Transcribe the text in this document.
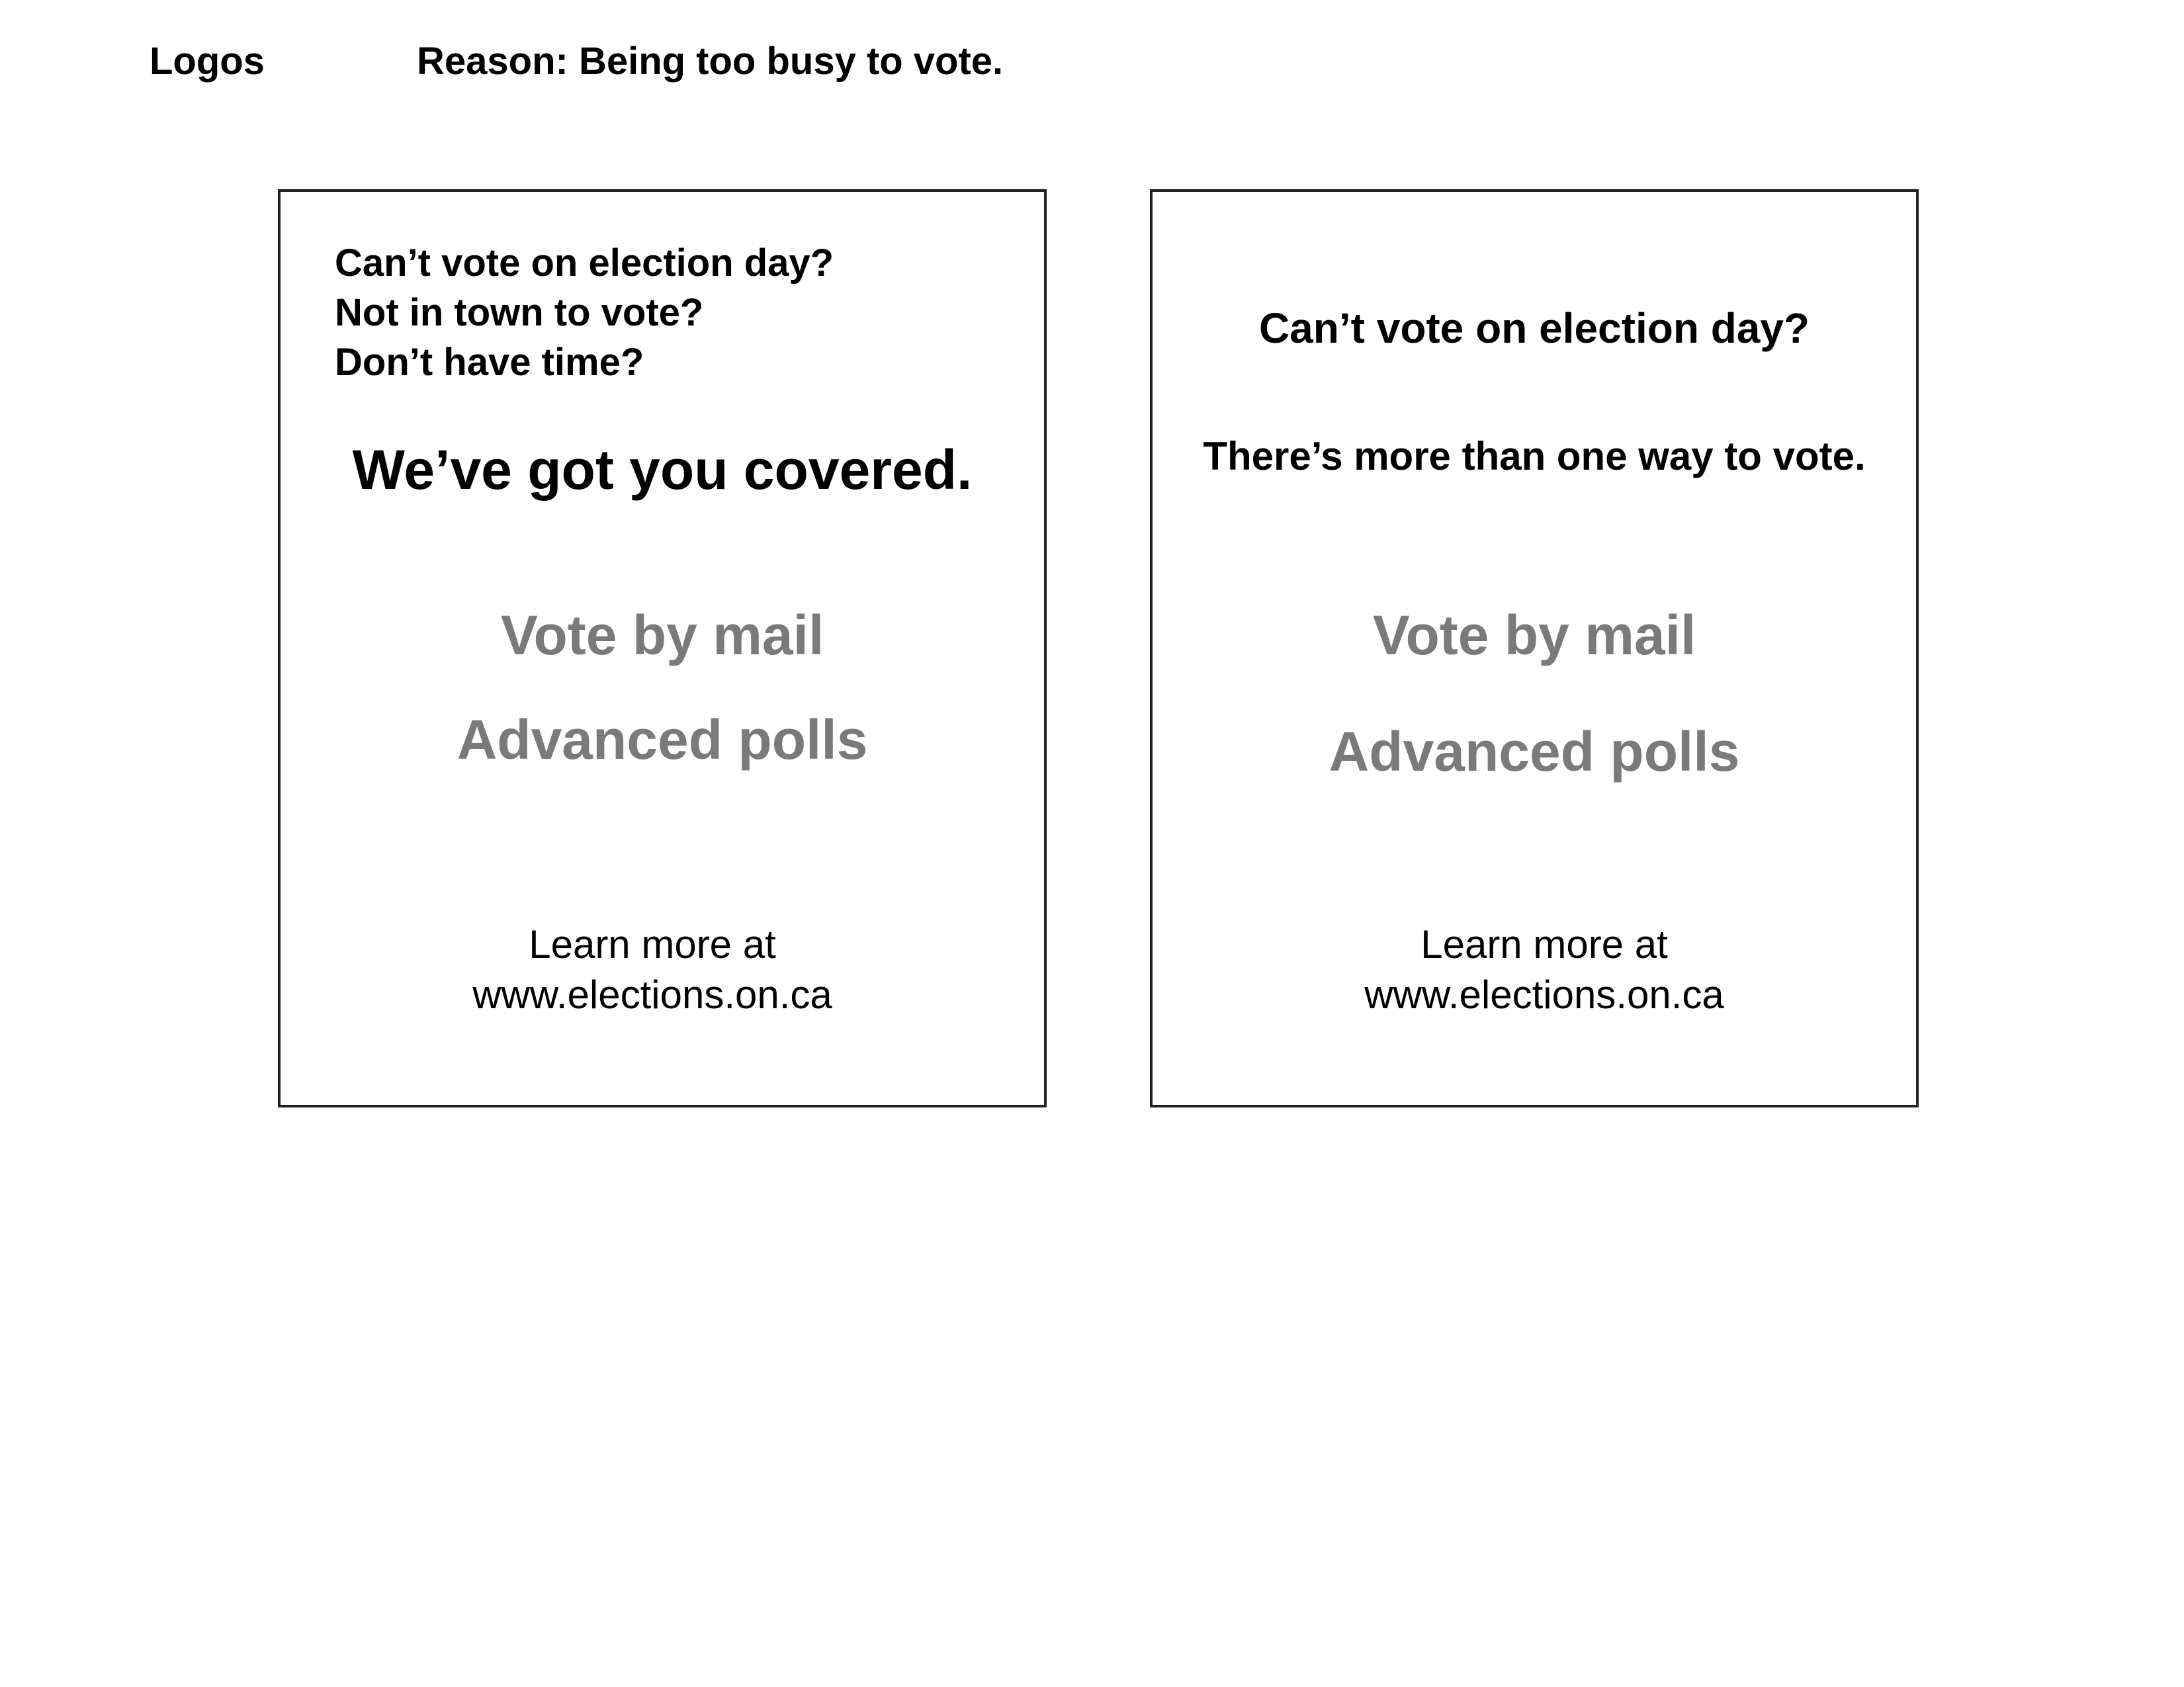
Logos	Reason: Being too busy to vote.
Can’t vote on election day?
Not in town to vote?
Don’t have time?
We’ve got you covered.
Vote by mail
Advanced polls
Learn more at
www.elections.on.ca
Can’t vote on election day?
There’s more than one way to vote.
Vote by mail
Advanced polls
Learn more at
www.elections.on.ca
